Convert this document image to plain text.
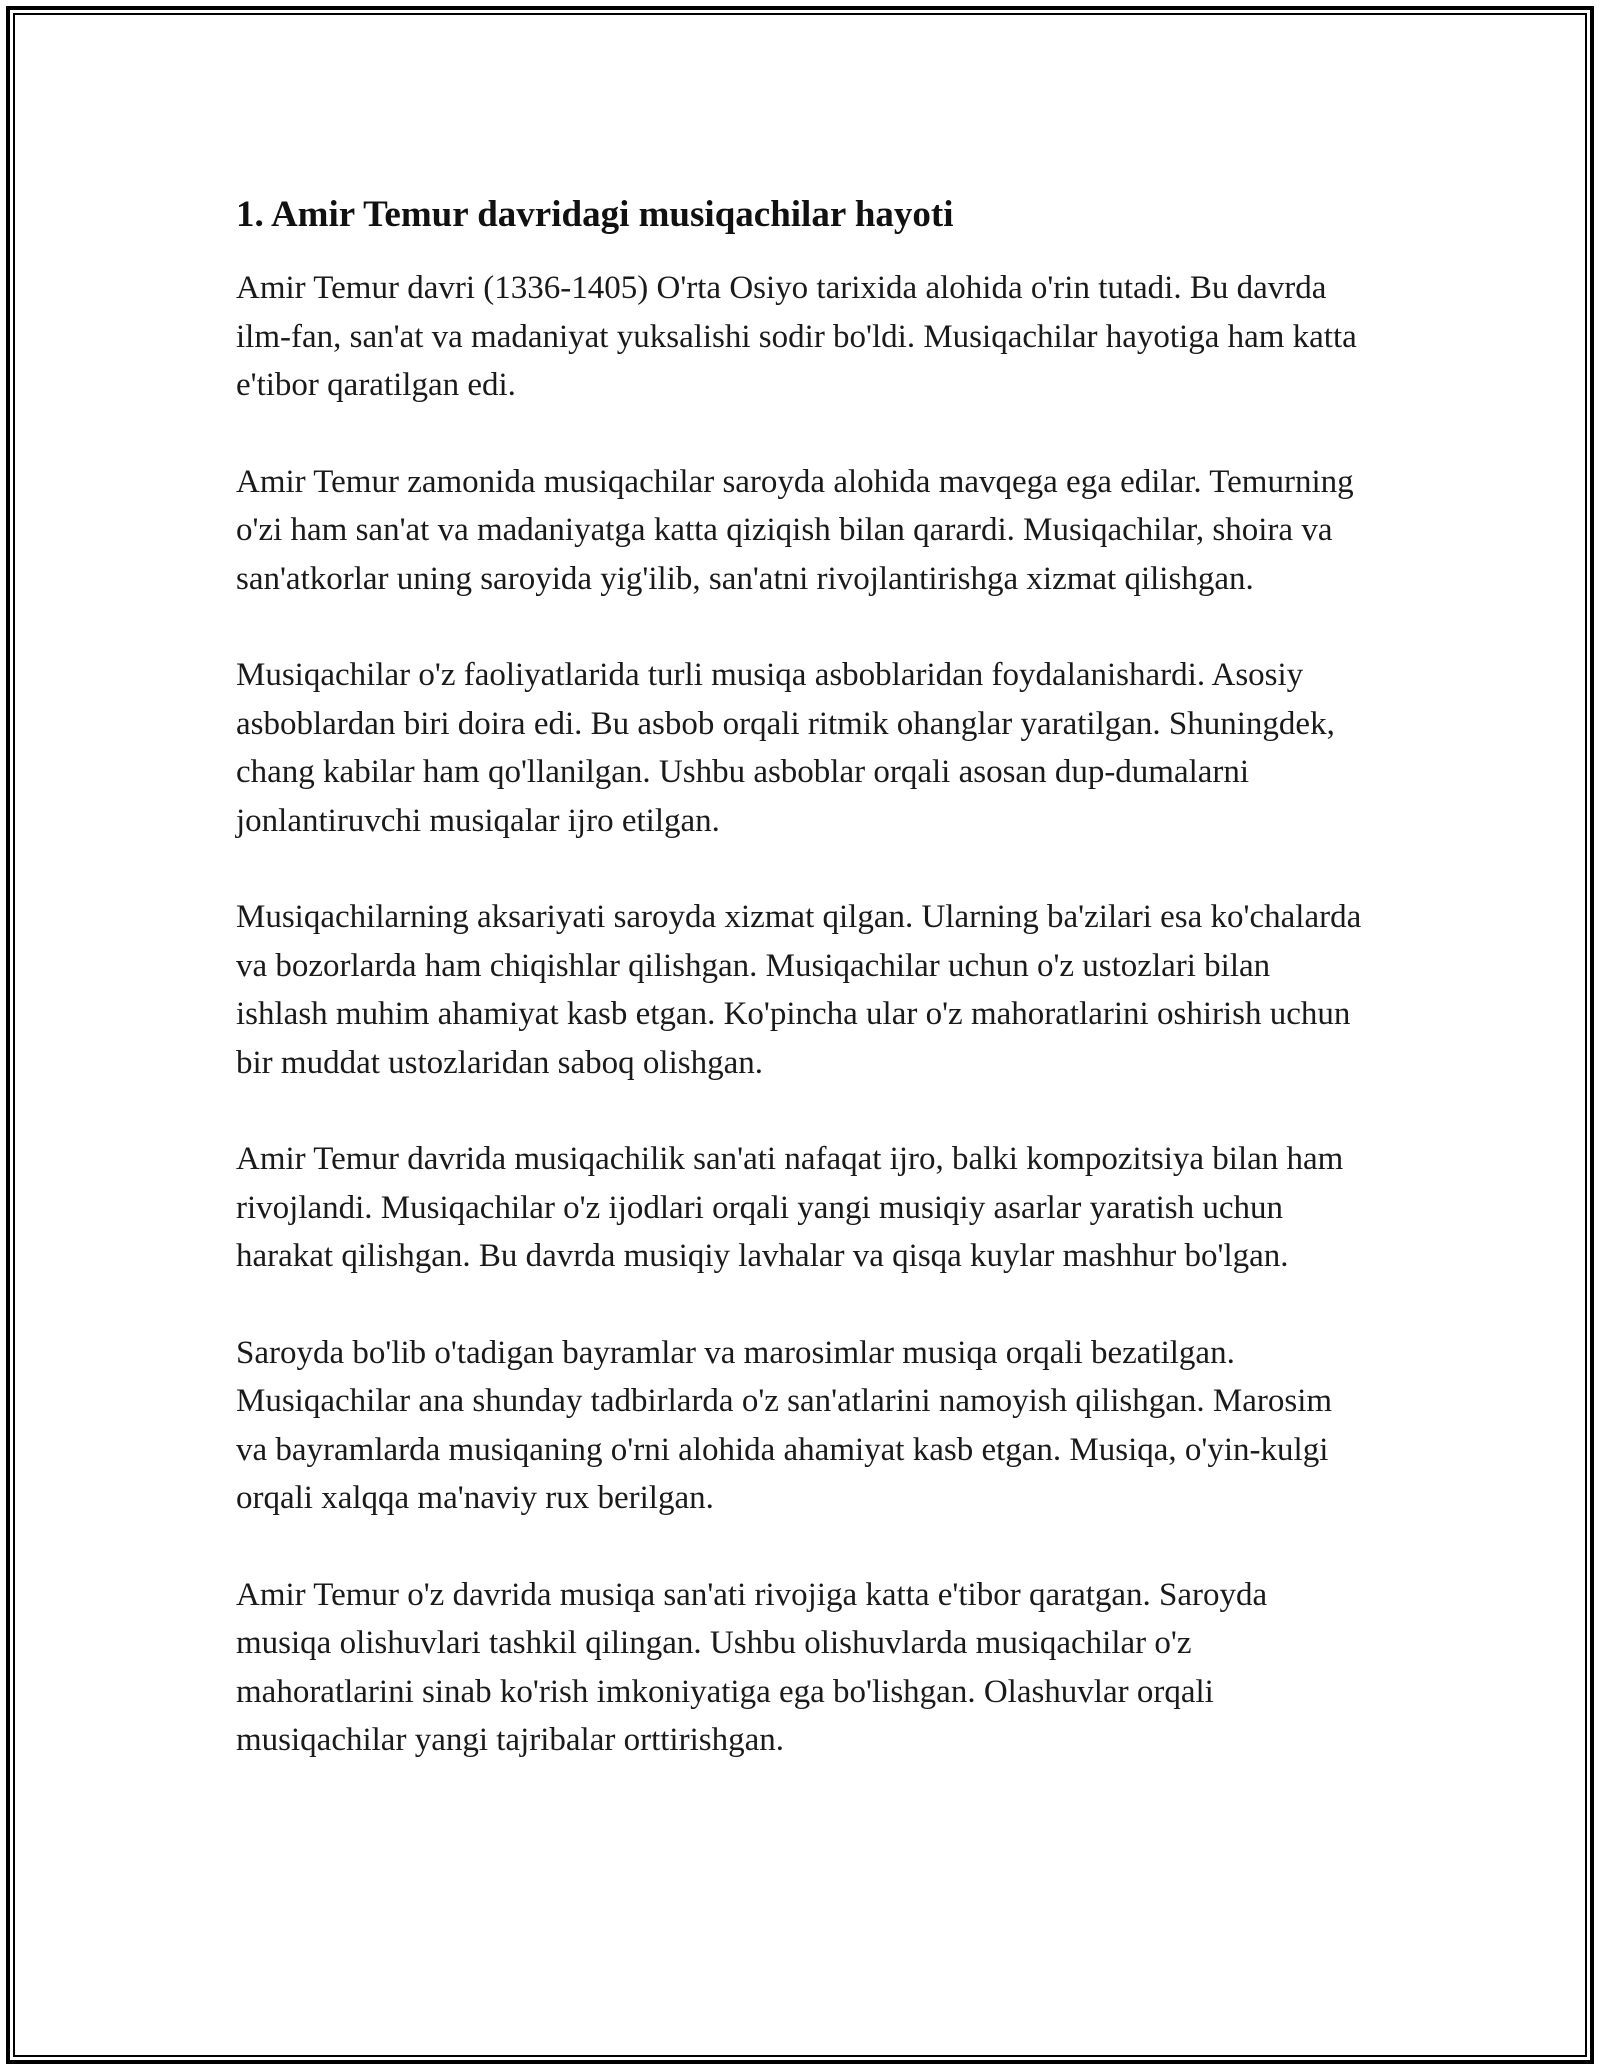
1. Amir Temur davridagi musiqachilar hayoti

Amir Temur davri (1336-1405) O'rta Osiyo tarixida alohida o'rin tutadi. Bu davrda ilm-fan, san'at va madaniyat yuksalishi sodir bo'ldi. Musiqachilar hayotiga ham katta e'tibor qaratilgan edi.

Amir Temur zamonida musiqachilar saroyda alohida mavqega ega edilar. Temurning o'zi ham san'at va madaniyatga katta qiziqish bilan qarardi. Musiqachilar, shoira va san'atkorlar uning saroyida yig'ilib, san'atni rivojlantirishga xizmat qilishgan.

Musiqachilar o'z faoliyatlarida turli musiqa asboblaridan foydalanishardi. Asosiy asboblardan biri doira edi. Bu asbob orqali ritmik ohanglar yaratilgan. Shuningdek, chang kabilar ham qo'llanilgan. Ushbu asboblar orqali asosan dup-dumalarni jonlantiruvchi musiqalar ijro etilgan.

Musiqachilarning aksariyati saroyda xizmat qilgan. Ularning ba'zilari esa ko'chalarda va bozorlarda ham chiqishlar qilishgan. Musiqachilar uchun o'z ustozlari bilan ishlash muhim ahamiyat kasb etgan. Ko'pincha ular o'z mahoratlarini oshirish uchun bir muddat ustozlaridan saboq olishgan.

Amir Temur davrida musiqachilik san'ati nafaqat ijro, balki kompozitsiya bilan ham rivojlandi. Musiqachilar o'z ijodlari orqali yangi musiqiy asarlar yaratish uchun harakat qilishgan. Bu davrda musiqiy lavhalar va qisqa kuylar mashhur bo'lgan.

Saroyda bo'lib o'tadigan bayramlar va marosimlar musiqa orqali bezatilgan. Musiqachilar ana shunday tadbirlarda o'z san'atlarini namoyish qilishgan. Marosim va bayramlarda musiqaning o'rni alohida ahamiyat kasb etgan. Musiqa, o'yin-kulgi orqali xalqqa ma'naviy rux berilgan.

Amir Temur o'z davrida musiqa san'ati rivojiga katta e'tibor qaratgan. Saroyda musiqa olishuvlari tashkil qilingan. Ushbu olishuvlarda musiqachilar o'z mahoratlarini sinab ko'rish imkoniyatiga ega bo'lishgan. Olashuvlar orqali musiqachilar yangi tajribalar orttirishgan.
